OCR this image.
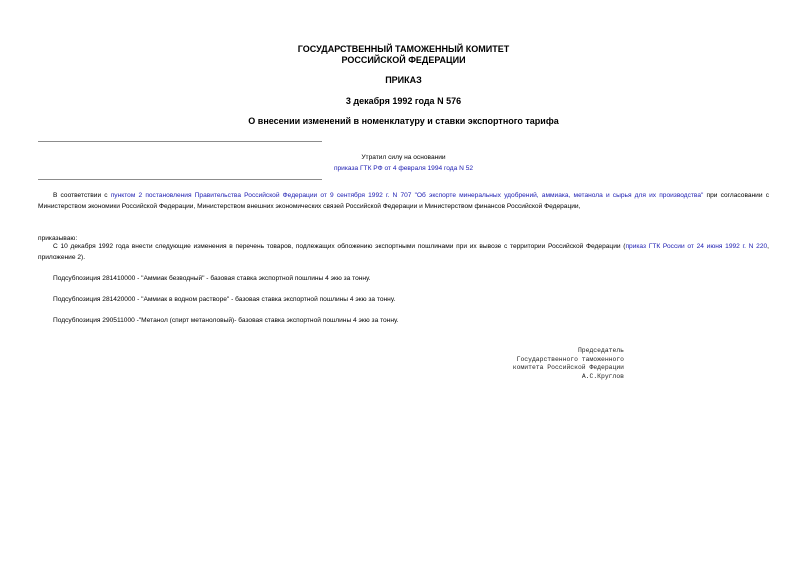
ГОСУДАРСТВЕННЫЙ ТАМОЖЕННЫЙ КОМИТЕТ
РОССИЙСКОЙ ФЕДЕРАЦИИ
ПРИКАЗ
3 декабря 1992 года N 576
О внесении изменений в номенклатуру и ставки экспортного тарифа
Утратил силу на основании
приказа ГТК РФ от 4 февраля 1994 года N 52
В соответствии с пунктом 2 постановления Правительства Российской Федерации от 9 сентября 1992 г. N 707 "Об экспорте минеральных удобрений, аммиака, метанола и сырья для их производства" при согласовании с Министерством экономики Российской Федерации, Министерством внешних экономических связей Российской Федерации и Министерством финансов Российской Федерации,
приказываю:
С 10 декабря 1992 года внести следующие изменения в перечень товаров, подлежащих обложению экспортными пошлинами при их вывозе с территории Российской Федерации (приказ ГТК России от 24 июня 1992 г. N 220, приложение 2).
Подсубпозиция 281410000 - "Аммиак безводный" - базовая ставка экспортной пошлины 4 экю за тонну.
Подсубпозиция 281420000 - "Аммиак в водном растворе" - базовая ставка экспортной пошлины 4 экю за тонну.
Подсубпозиция 290511000 -"Метанол (спирт метаноловый)- базовая ставка экспортной пошлины 4 экю за тонну.
Председатель
Государственного таможенного
комитета Российской Федерации
А.С.Круглов
